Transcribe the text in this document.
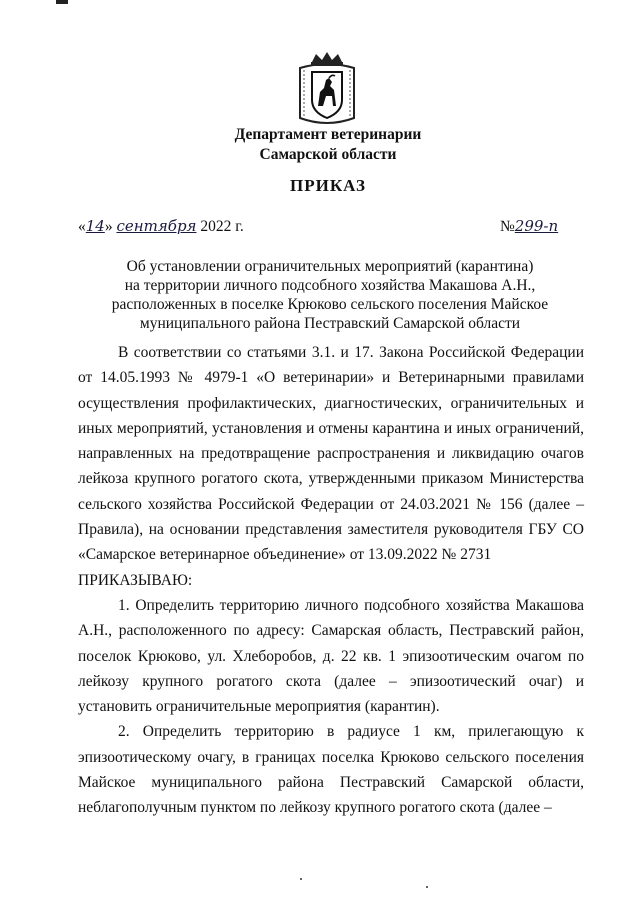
Департамент ветеринарии
Самарской области
ПРИКАЗ
«14» сентября 2022 г.	№299-п
Об установлении ограничительных мероприятий (карантина)
на территории личного подсобного хозяйства Макашова А.Н.,
расположенных в поселке Крюково сельского поселения Майское
муниципального района Пестравский Самарской области

В соответствии со статьями 3.1. и 17. Закона Российской Федерации от 14.05.1993 № 4979-1 «О ветеринарии» и Ветеринарными правилами осуществления профилактических, диагностических, ограничительных и иных мероприятий, установления и отмены карантина и иных ограничений, направленных на предотвращение распространения и ликвидацию очагов лейкоза крупного рогатого скота, утвержденными приказом Министерства сельского хозяйства Российской Федерации от 24.03.2021 № 156 (далее – Правила), на основании представления заместителя руководителя ГБУ СО «Самарское ветеринарное объединение» от 13.09.2022 № 2731

ПРИКАЗЫВАЮ:

1. Определить территорию личного подсобного хозяйства Макашова А.Н., расположенного по адресу: Самарская область, Пестравский район, поселок Крюково, ул. Хлеборобов, д. 22 кв. 1 эпизоотическим очагом по лейкозу крупного рогатого скота (далее – эпизоотический очаг) и установить ограничительные мероприятия (карантин).

2. Определить территорию в радиусе 1 км, прилегающую к эпизоотическому очагу, в границах поселка Крюково сельского поселения Майское муниципального района Пестравский Самарской области, неблагополучным пунктом по лейкозу крупного рогатого скота (далее –
